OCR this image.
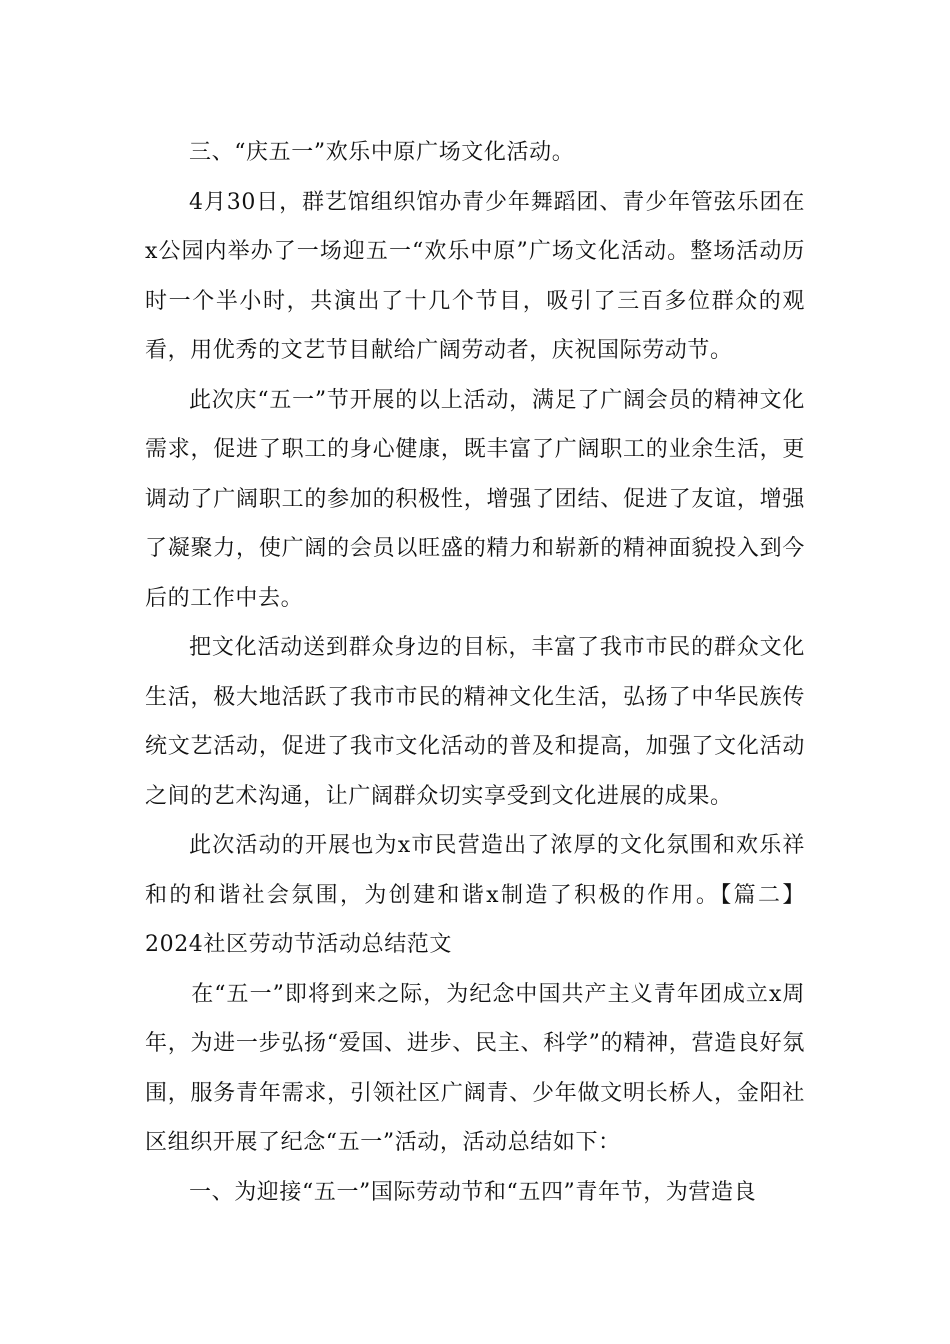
三、“庆五一”欢乐中原广场文化活动。

4月30日，群艺馆组织馆办青少年舞蹈团、青少年管弦乐团在x公园内举办了一场迎五一“欢乐中原”广场文化活动。整场活动历时一个半小时，共演出了十几个节目，吸引了三百多位群众的观看，用优秀的文艺节目献给广阔劳动者，庆祝国际劳动节。

此次庆“五一”节开展的以上活动，满足了广阔会员的精神文化需求，促进了职工的身心健康，既丰富了广阔职工的业余生活，更调动了广阔职工的参加的积极性，增强了团结、促进了友谊，增强了凝聚力，使广阔的会员以旺盛的精力和崭新的精神面貌投入到今后的工作中去。

把文化活动送到群众身边的目标，丰富了我市市民的群众文化生活，极大地活跃了我市市民的精神文化生活，弘扬了中华民族传统文艺活动，促进了我市文化活动的普及和提高，加强了文化活动之间的艺术沟通，让广阔群众切实享受到文化进展的成果。

此次活动的开展也为x市民营造出了浓厚的文化氛围和欢乐祥和的和谐社会氛围，为创建和谐x制造了积极的作用。【篇二】2024社区劳动节活动总结范文

在“五一”即将到来之际，为纪念中国共产主义青年团成立x周年，为进一步弘扬“爱国、进步、民主、科学”的精神，营造良好氛围，服务青年需求，引领社区广阔青、少年做文明长桥人，金阳社区组织开展了纪念“五一”活动，活动总结如下：

一、为迎接“五一”国际劳动节和“五四”青年节，为营造良
